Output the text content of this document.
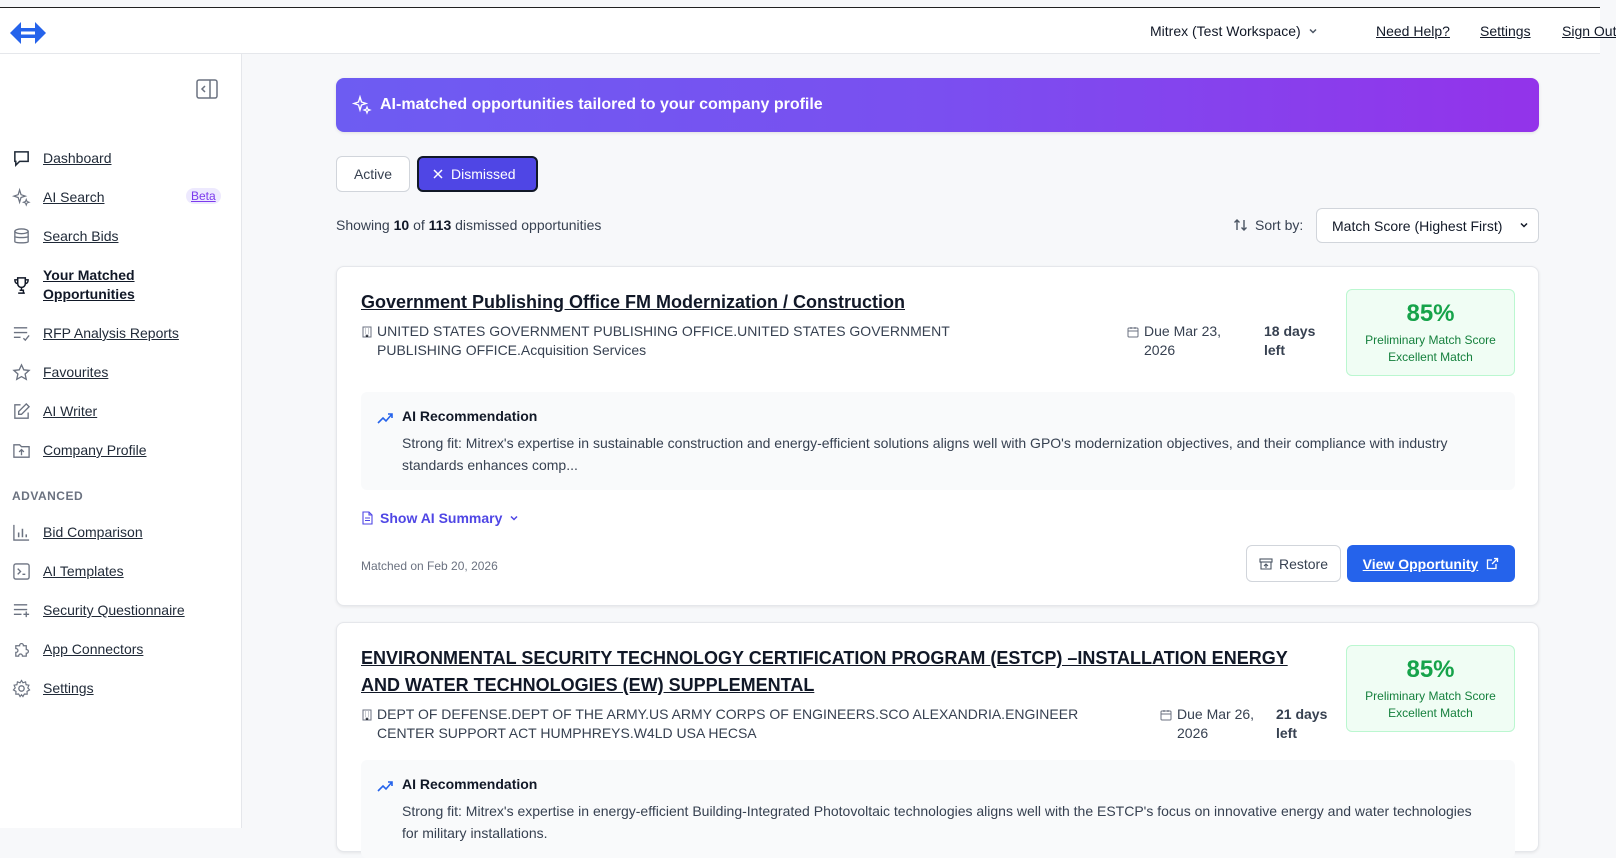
Mitrex (Test Workspace)	Need Help? Settings Sign Out
Dashboard
AI Search	Beta
Search Bids
Your Matched Opportunities
RFP Analysis Reports
Favourites
AI Writer
Company Profile
ADVANCED
Bid Comparison
AI Templates
Security Questionnaire
App Connectors
Settings
AI-matched opportunities tailored to your company profile
Active	Dismissed
Showing 10 of 113 dismissed opportunities	Sort by: Match Score (Highest First)
Government Publishing Office FM Modernization / Construction
UNITED STATES GOVERNMENT PUBLISHING OFFICE.UNITED STATES GOVERNMENT PUBLISHING OFFICE.Acquisition Services
Due Mar 23, 2026
18 days left
85%
Preliminary Match Score
Excellent Match
AI Recommendation
Strong fit: Mitrex's expertise in sustainable construction and energy-efficient solutions aligns well with GPO's modernization objectives, and their compliance with industry standards enhances comp...
Show AI Summary
Matched on Feb 20, 2026	Restore View Opportunity
ENVIRONMENTAL SECURITY TECHNOLOGY CERTIFICATION PROGRAM (ESTCP) –INSTALLATION ENERGY AND WATER TECHNOLOGIES (EW) SUPPLEMENTAL
DEPT OF DEFENSE.DEPT OF THE ARMY.US ARMY CORPS OF ENGINEERS.SCO ALEXANDRIA.ENGINEER CENTER SUPPORT ACT HUMPHREYS.W4LD USA HECSA
Due Mar 26, 2026
21 days left
85%
Preliminary Match Score
Excellent Match
AI Recommendation
Strong fit: Mitrex's expertise in energy-efficient Building-Integrated Photovoltaic technologies aligns well with the ESTCP's focus on innovative energy and water technologies for military installations.
